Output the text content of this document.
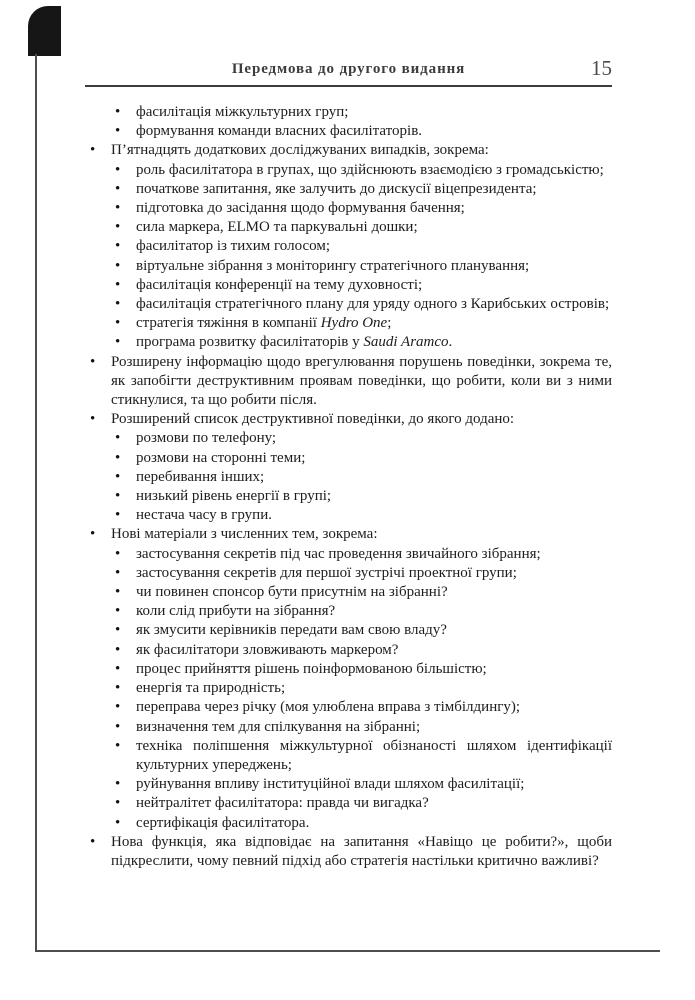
Передмова до другого видання	15
•	фасилітація міжкультурних груп;
•	формування команди власних фасилітаторів.
•	П’ятнадцять додаткових досліджуваних випадків, зокрема:
•	роль фасилітатора в групах, що здійснюють взаємодією з громадськістю;
•	початкове запитання, яке залучить до дискусії віцепрезидента;
•	підготовка до засідання щодо формування бачення;
•	сила маркера, ELMO та паркувальні дошки;
•	фасилітатор із тихим голосом;
•	віртуальне зібрання з моніторингу стратегічного планування;
•	фасилітація конференції на тему духовності;
•	фасилітація стратегічного плану для уряду одного з Карибських островів;
•	стратегія тяжіння в компанії Hydro One;
•	програма розвитку фасилітаторів у Saudi Aramco.
•	Розширену інформацію щодо врегулювання порушень поведінки, зокрема те, як запобігти деструктивним проявам поведінки, що робити, коли ви з ними стикнулися, та що робити після.
•	Розширений список деструктивної поведінки, до якого додано:
•	розмови по телефону;
•	розмови на сторонні теми;
•	перебивання інших;
•	низький рівень енергії в групі;
•	нестача часу в групи.
•	Нові матеріали з численних тем, зокрема:
•	застосування секретів під час проведення звичайного зібрання;
•	застосування секретів для першої зустрічі проектної групи;
•	чи повинен спонсор бути присутнім на зібранні?
•	коли слід прибути на зібрання?
•	як змусити керівників передати вам свою владу?
•	як фасилітатори зловживають маркером?
•	процес прийняття рішень поінформованою більшістю;
•	енергія та природність;
•	переправа через річку (моя улюблена вправа з тімбілдингу);
•	визначення тем для спілкування на зібранні;
•	техніка поліпшення міжкультурної обізнаності шляхом ідентифікації культурних упереджень;
•	руйнування впливу інституційної влади шляхом фасилітації;
•	нейтралітет фасилітатора: правда чи вигадка?
•	сертифікація фасилітатора.
•	Нова функція, яка відповідає на запитання «Навіщо це робити?», щоби підкреслити, чому певний підхід або стратегія настільки критично важливі?
